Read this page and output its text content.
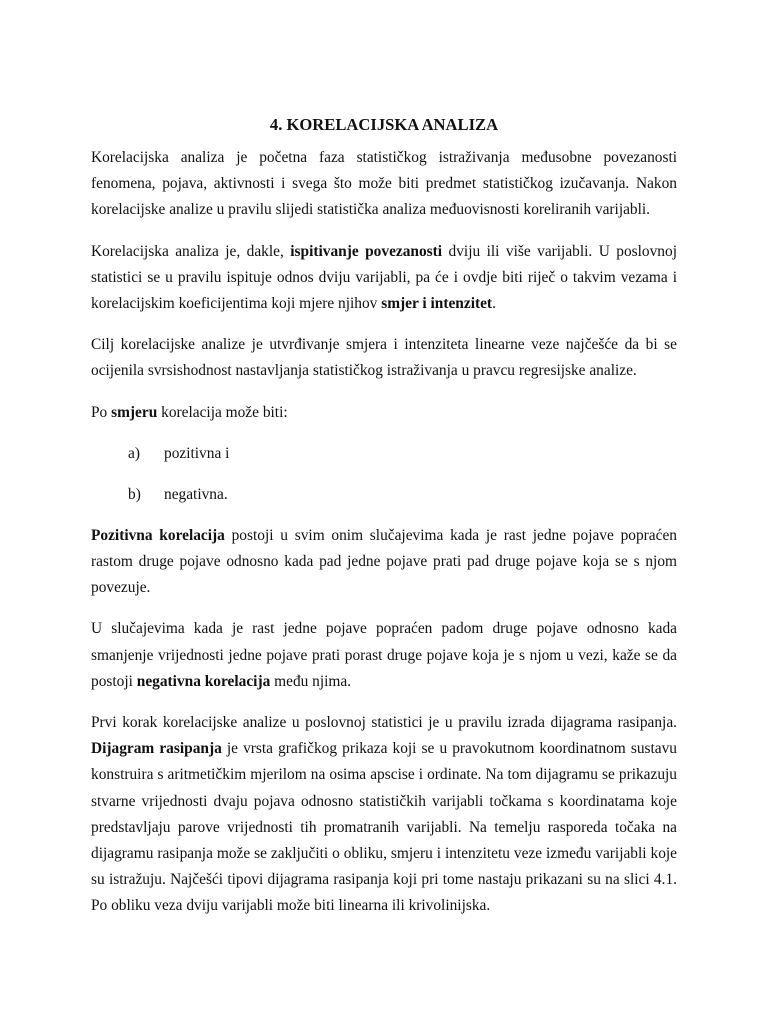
4. KORELACIJSKA ANALIZA

Korelacijska analiza je početna faza statističkog istraživanja međusobne povezanosti fenomena, pojava, aktivnosti i svega što može biti predmet statističkog izučavanja. Nakon korelacijske analize u pravilu slijedi statistička analiza međuovisnosti koreliranih varijabli.

Korelacijska analiza je, dakle, ispitivanje povezanosti dviju ili više varijabli. U poslovnoj statistici se u pravilu ispituje odnos dviju varijabli, pa će i ovdje biti riječ o takvim vezama i korelacijskim koeficijentima koji mjere njihov smjer i intenzitet.

Cilj korelacijske analize je utvrđivanje smjera i intenziteta linearne veze najčešće da bi se ocijenila svrsishodnost nastavljanja statističkog istraživanja u pravcu regresijske analize.

Po smjeru korelacija može biti:

a)	pozitivna i
b)	negativna.

Pozitivna korelacija postoji u svim onim slučajevima kada je rast jedne pojave popraćen rastom druge pojave odnosno kada pad jedne pojave prati pad druge pojave koja se s njom povezuje.

U slučajevima kada je rast jedne pojave popraćen padom druge pojave odnosno kada smanjenje vrijednosti jedne pojave prati porast druge pojave koja je s njom u vezi, kaže se da postoji negativna korelacija među njima.

Prvi korak korelacijske analize u poslovnoj statistici je u pravilu izrada dijagrama rasipanja. Dijagram rasipanja je vrsta grafičkog prikaza koji se u pravokutnom koordinatnom sustavu konstruira s aritmetičkim mjerilom na osima apscise i ordinate. Na tom dijagramu se prikazuju stvarne vrijednosti dvaju pojava odnosno statističkih varijabli točkama s koordinatama koje predstavljaju parove vrijednosti tih promatranih varijabli. Na temelju rasporeda točaka na dijagramu rasipanja može se zaključiti o obliku, smjeru i intenzitetu veze između varijabli koje su istražuju. Najčešći tipovi dijagrama rasipanja koji pri tome nastaju prikazani su na slici 4.1. Po obliku veza dviju varijabli može biti linearna ili krivolinijska.
